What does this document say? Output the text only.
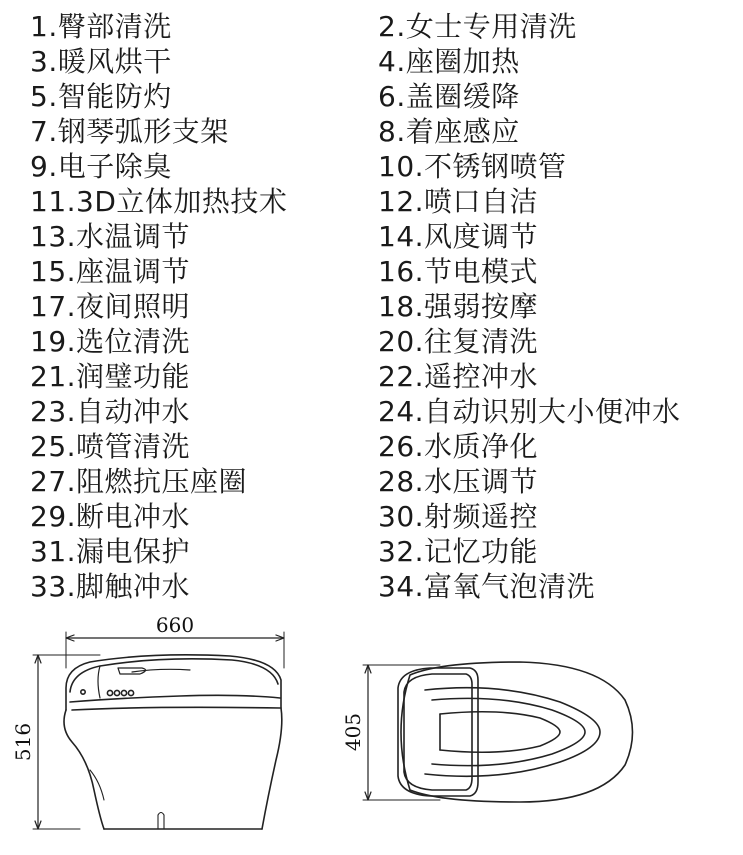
1.臀部清洗
3.暖风烘干
5.智能防灼
7.钢琴弧形支架
9.电子除臭
11.3D立体加热技术
13.水温调节
15.座温调节
17.夜间照明
19.选位清洗
21.润璧功能
23.自动冲水
25.喷管清洗
27.阻燃抗压座圈
29.断电冲水
31.漏电保护
33.脚触冲水
2.女士专用清洗
4.座圈加热
6.盖圈缓降
8.着座感应
10.不锈钢喷管
12.喷口自洁
14.风度调节
16.节电模式
18.强弱按摩
20.往复清洗
22.遥控冲水
24.自动识别大小便冲水
26.水质净化
28.水压调节
30.射频遥控
32.记忆功能
34.富氧气泡清洗
660
516	405
